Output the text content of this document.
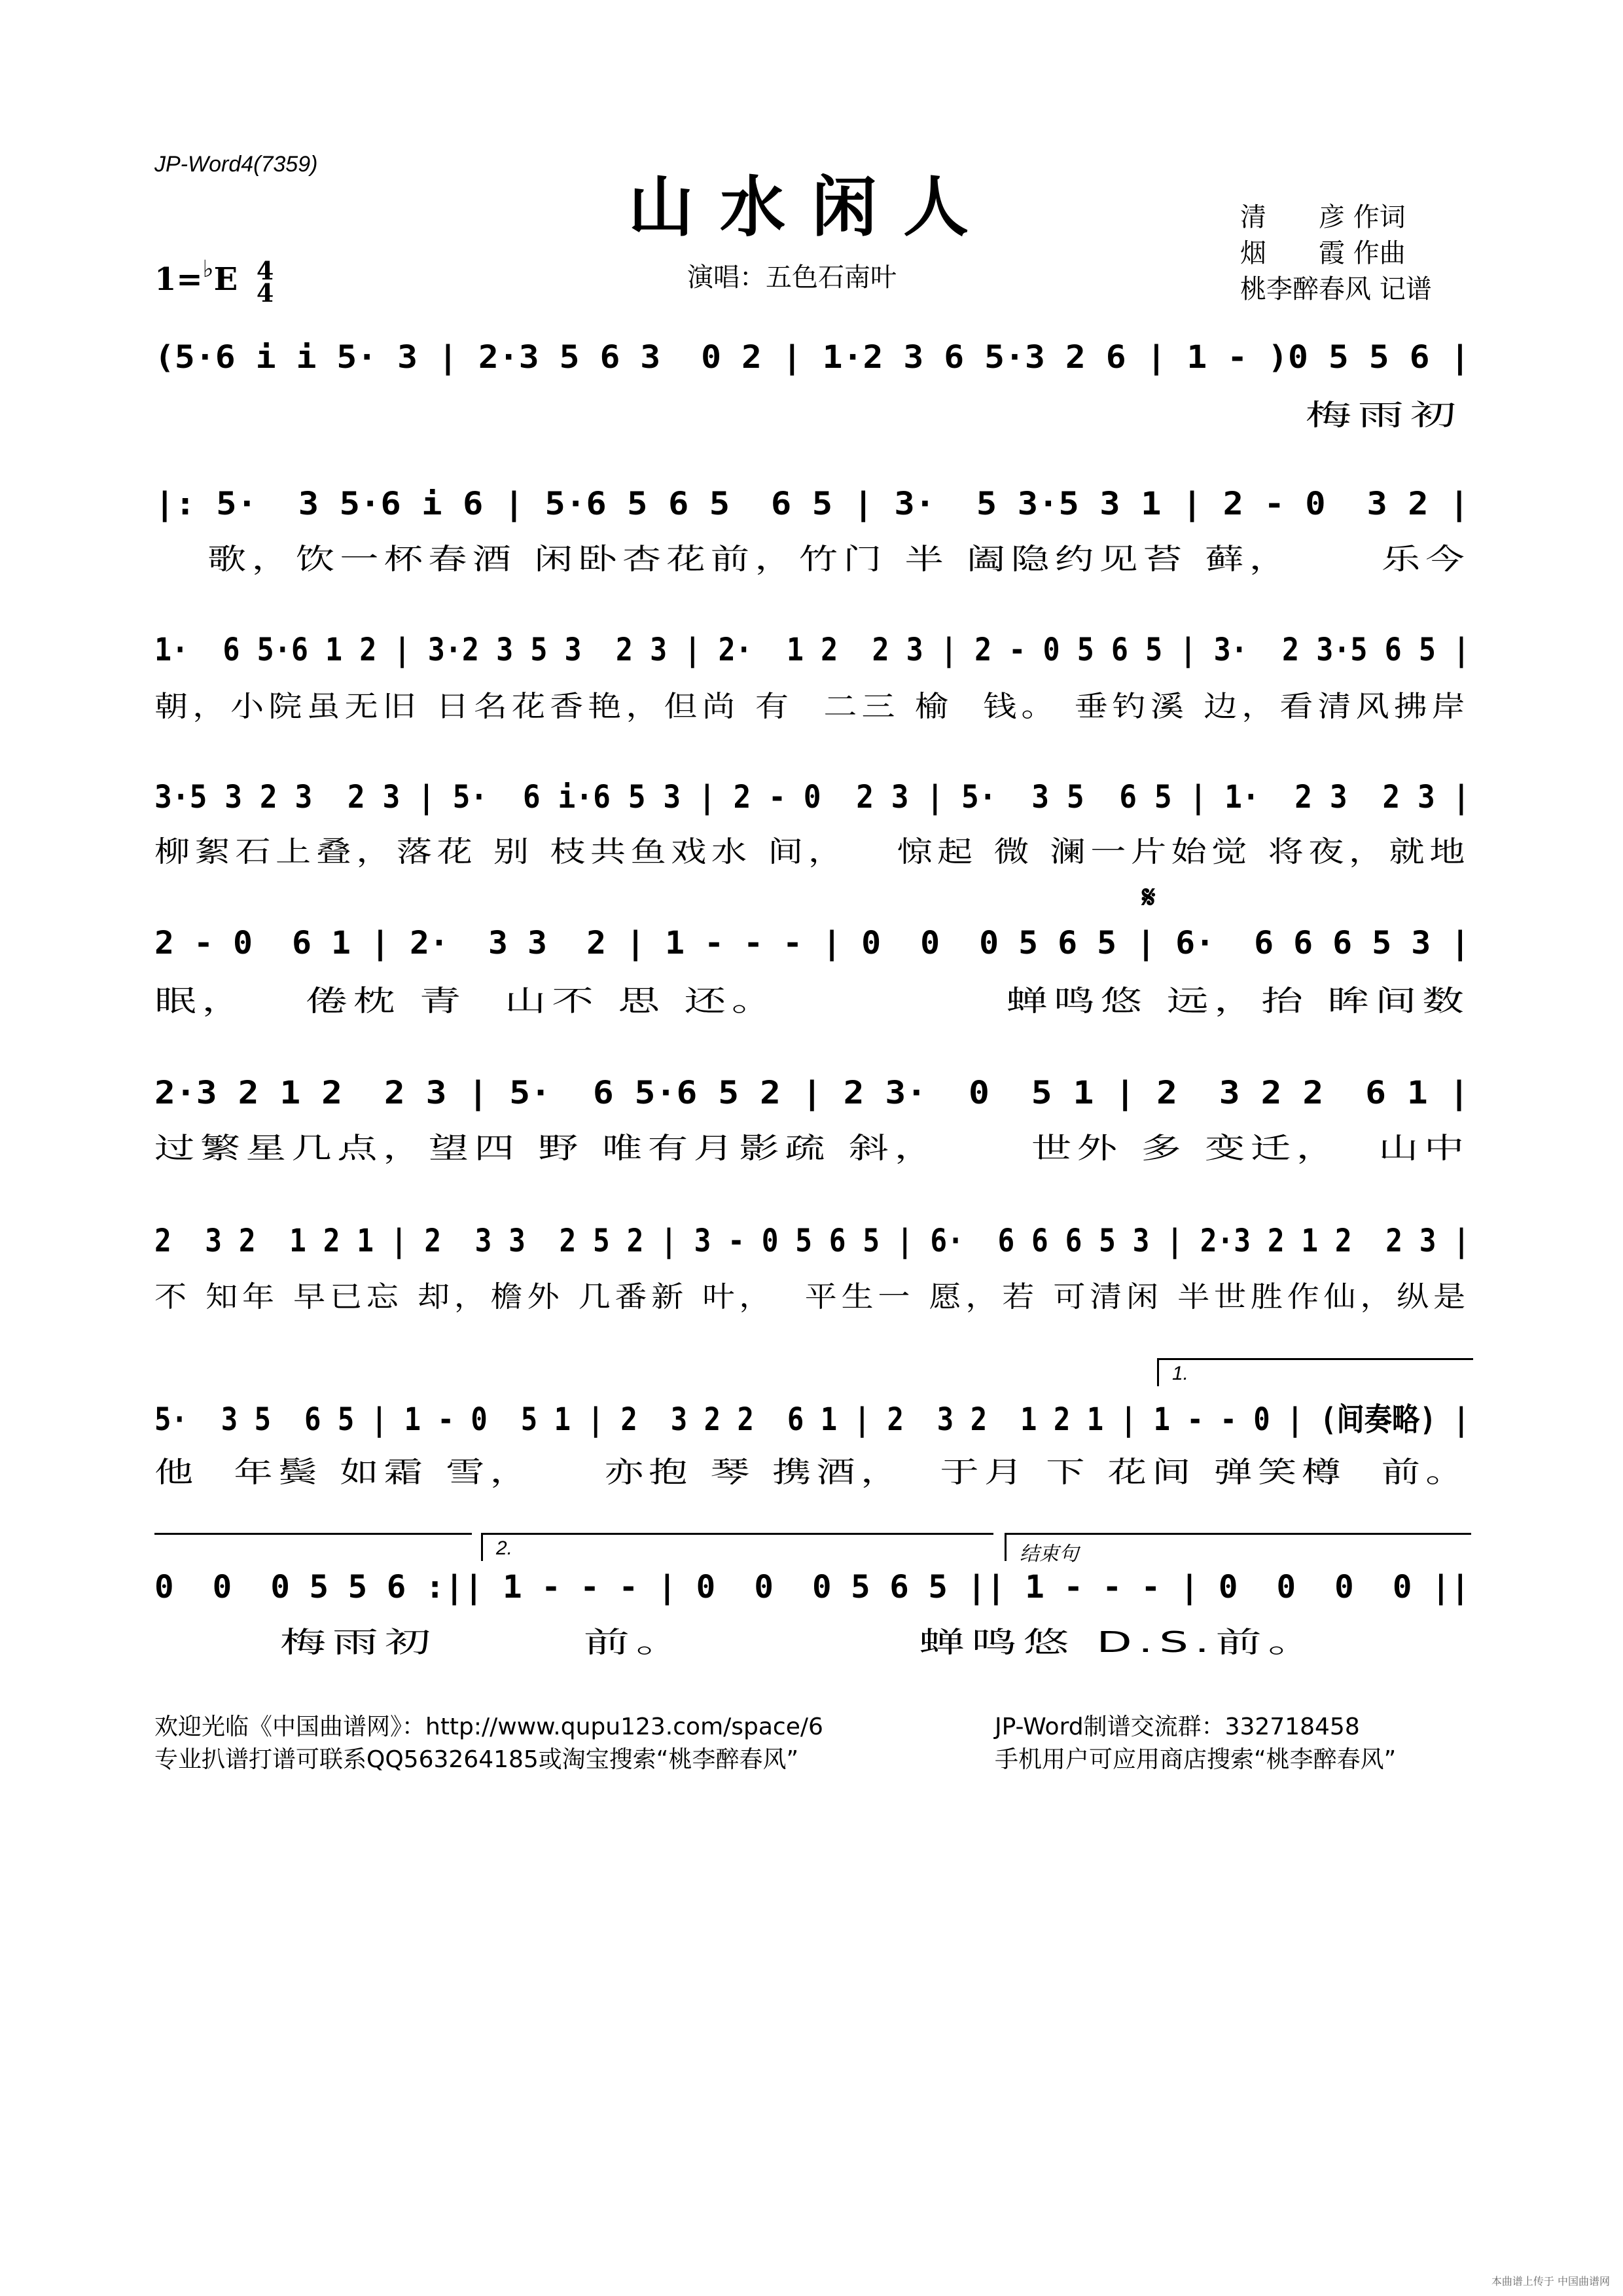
JP-Word4(7359)
山水闲人
1=♭E 4
4	演唱：五色石南叶
清　　彦 作词
烟　　霞 作曲
桃李醉春风 记谱
(5·6 i i 5· 3 | 2·3 5 6 3  0 2 | 1·2 3 6 5·3 2 6 | 1 - )0 5 5 6 |
梅雨初
|: 5·  3 5·6 i 6 | 5·6 5 6 5  6 5 | 3·  5 3·5 3 1 | 2 - 0  3 2 |
歌，饮一杯春酒 闲卧杏花前，竹门 半 阖隐约见苔 藓，     乐今
1·  6 5·6 1 2 | 3·2 3 5 3  2 3 | 2·  1 2  2 3 | 2 - 0 5 6 5 | 3·  2 3·5 6 5 |
朝，小院虽无旧 日名花香艳，但尚 有  二三 榆  钱。 垂钓溪 边，看清风拂岸
3·5 3 2 3  2 3 | 5·  6 i·6 5 3 | 2 - 0  2 3 | 5·  3 5  6 5 | 1·  2 3  2 3 |
柳絮石上叠，落花 别 枝共鱼戏水 间，   惊起 微 澜一片始觉 将夜，就地
𝄋
2 - 0  6 1 | 2·  3 3  2 | 1 - - - | 0  0  0 5 6 5 | 6·  6 6 6 5 3 |
眠，   倦枕 青  山不 思 还。            蝉鸣悠 远，抬 眸间数
2·3 2 1 2  2 3 | 5·  6 5·6 5 2 | 2 3·  0  5 1 | 2  3 2 2  6 1 |
过繁星几点，望四 野 唯有月影疏 斜，     世外 多 变迁，  山中
2  3 2  1 2 1 | 2  3 3  2 5 2 | 3 - 0 5 6 5 | 6·  6 6 6 5 3 | 2·3 2 1 2  2 3 |
不 知年 早已忘 却，檐外 几番新 叶，  平生一 愿，若 可清闲 半世胜作仙，纵是
1.
5·  3 5  6 5 | 1 - 0  5 1 | 2  3 2 2  6 1 | 2  3 2  1 2 1 | 1 - - 0 | (间奏略) |
他  年鬓 如霜 雪，    亦抱 琴 携酒，  于月 下 花间 弹笑樽  前。
2.	结束句
0  0  0 5 5 6 :|| 1 - - - | 0  0  0 5 6 5 || 1 - - - | 0  0  0  0 ||
梅雨初       前。           蝉鸣悠 D.S.前。
欢迎光临《中国曲谱网》：http://www.qupu123.com/space/6
专业扒谱打谱可联系QQ563264185或淘宝搜索“桃李醉春风”
JP-Word制谱交流群：332718458
手机用户可应用商店搜索“桃李醉春风”
本曲谱上传于 中国曲谱网
